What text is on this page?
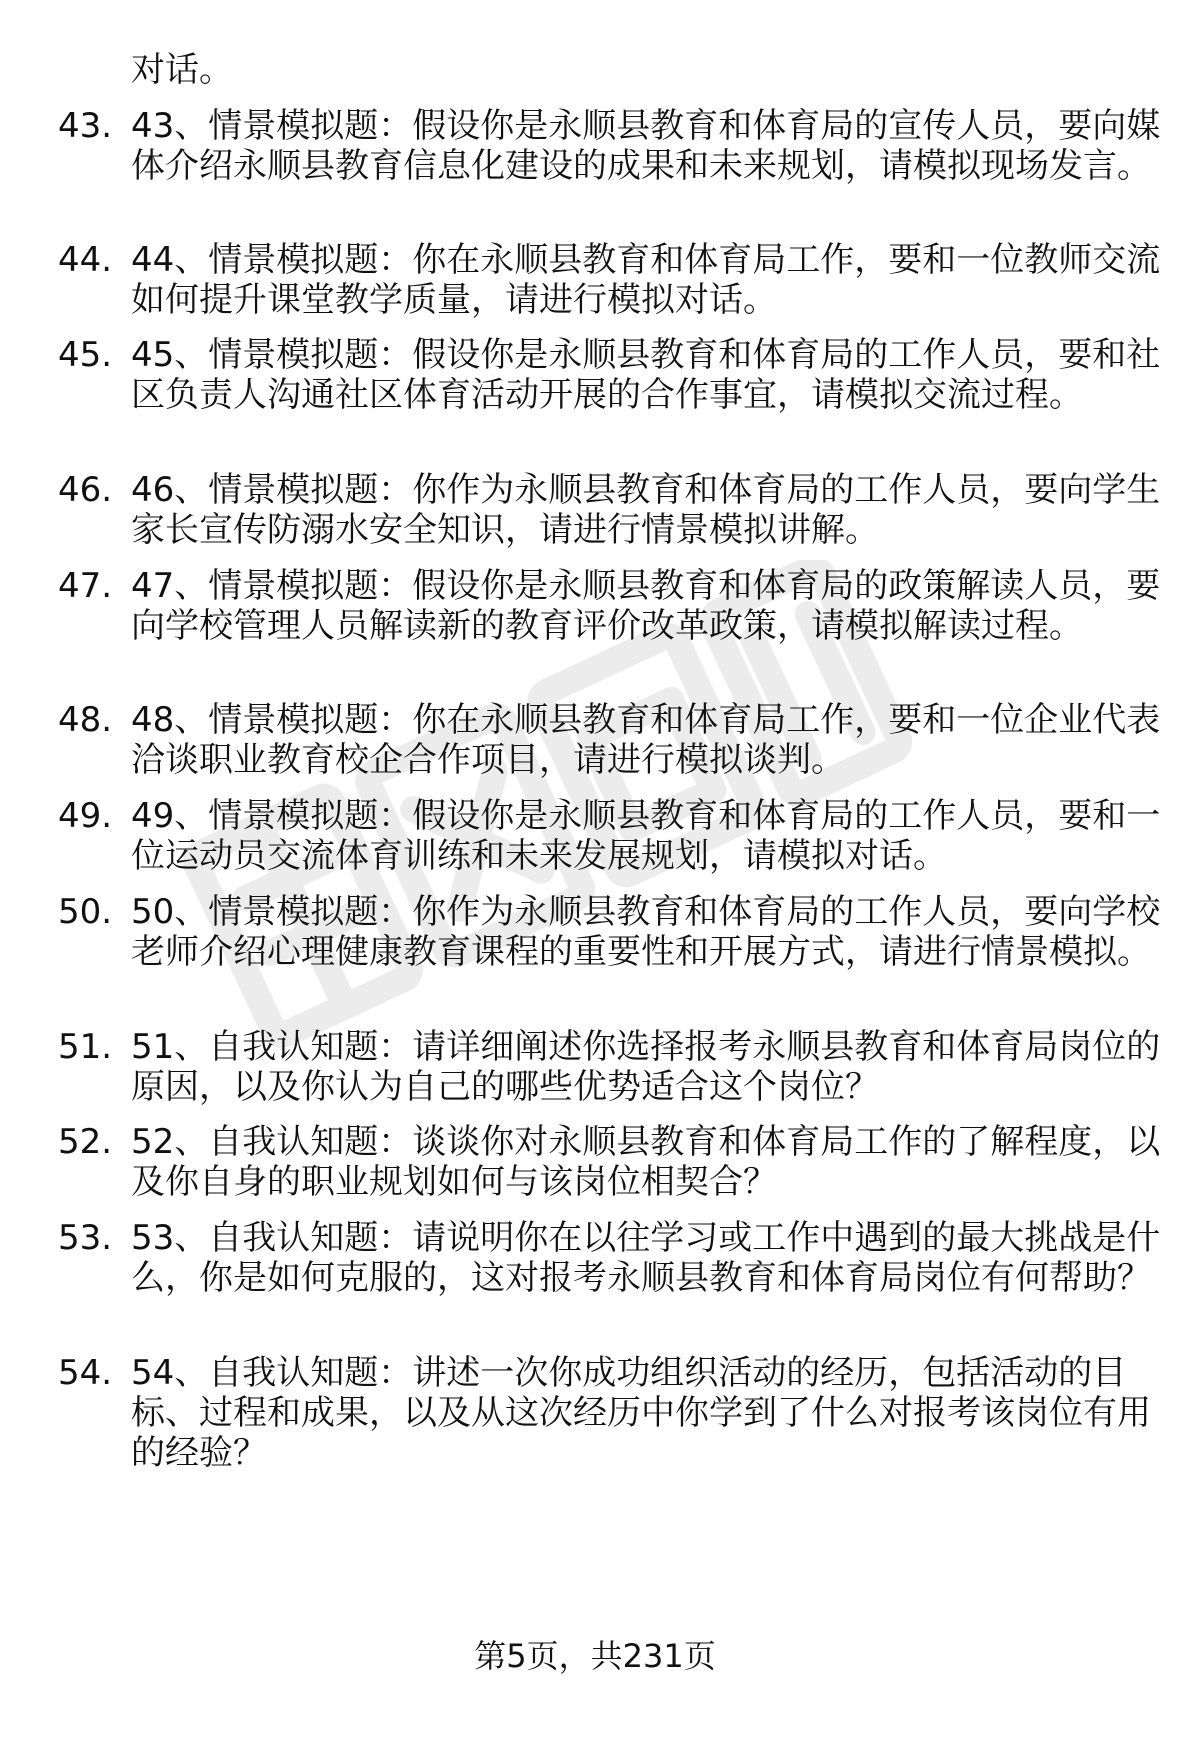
对话。

43. 43、情景模拟题：假设你是永顺县教育和体育局的宣传人员，要向媒体介绍永顺县教育信息化建设的成果和未来规划，请模拟现场发言。

44. 44、情景模拟题：你在永顺县教育和体育局工作，要和一位教师交流如何提升课堂教学质量，请进行模拟对话。

45. 45、情景模拟题：假设你是永顺县教育和体育局的工作人员，要和社区负责人沟通社区体育活动开展的合作事宜，请模拟交流过程。

46. 46、情景模拟题：你作为永顺县教育和体育局的工作人员，要向学生家长宣传防溺水安全知识，请进行情景模拟讲解。

47. 47、情景模拟题：假设你是永顺县教育和体育局的政策解读人员，要向学校管理人员解读新的教育评价改革政策，请模拟解读过程。

48. 48、情景模拟题：你在永顺县教育和体育局工作，要和一位企业代表洽谈职业教育校企合作项目，请进行模拟谈判。

49. 49、情景模拟题：假设你是永顺县教育和体育局的工作人员，要和一位运动员交流体育训练和未来发展规划，请模拟对话。

50. 50、情景模拟题：你作为永顺县教育和体育局的工作人员，要向学校老师介绍心理健康教育课程的重要性和开展方式，请进行情景模拟。

51. 51、自我认知题：请详细阐述你选择报考永顺县教育和体育局岗位的原因，以及你认为自己的哪些优势适合这个岗位？

52. 52、自我认知题：谈谈你对永顺县教育和体育局工作的了解程度，以及你自身的职业规划如何与该岗位相契合？

53. 53、自我认知题：请说明你在以往学习或工作中遇到的最大挑战是什么，你是如何克服的，这对报考永顺县教育和体育局岗位有何帮助？

54. 54、自我认知题：讲述一次你成功组织活动的经历，包括活动的目标、过程和成果，以及从这次经历中你学到了什么对报考该岗位有用的经验？

第5页，共231页
